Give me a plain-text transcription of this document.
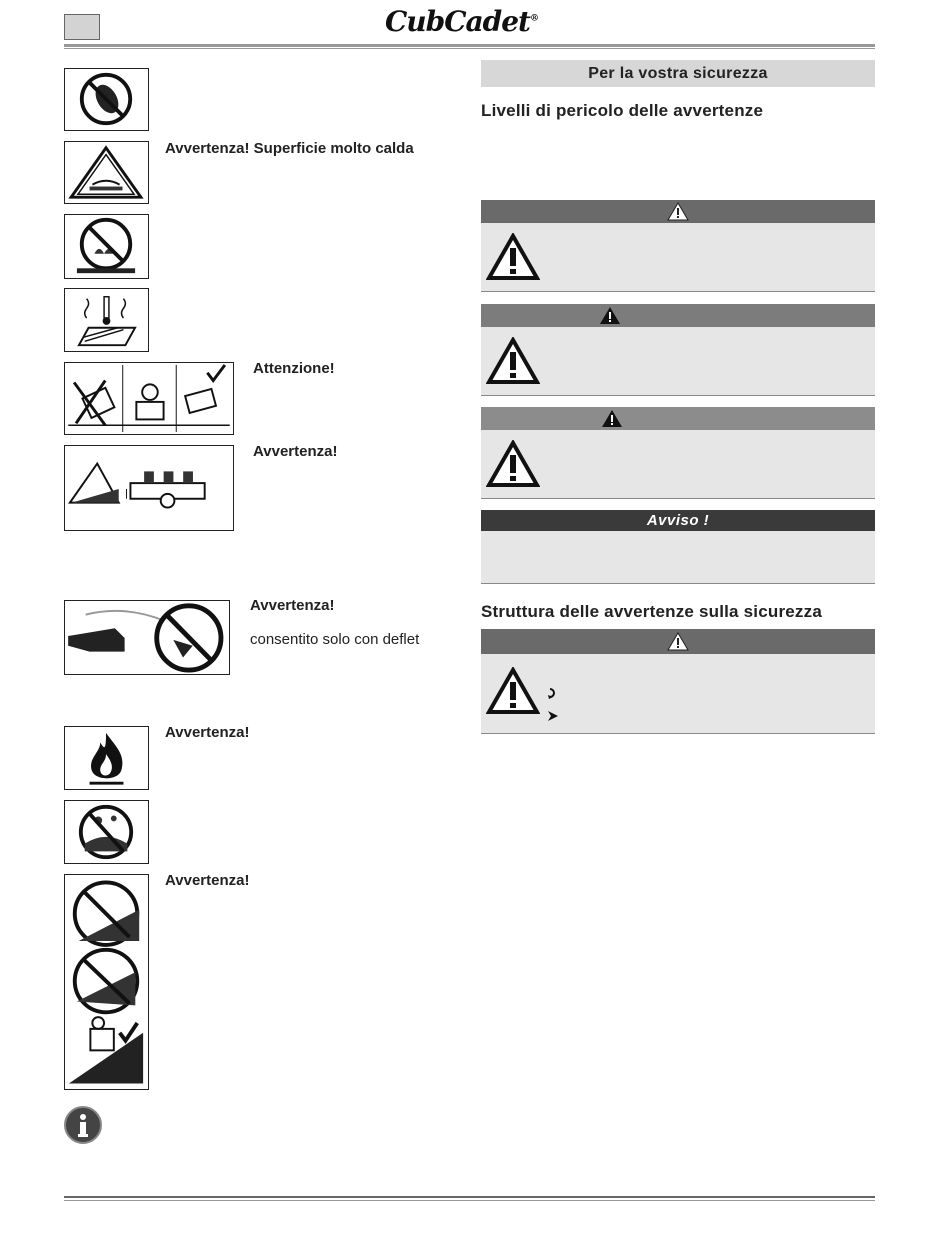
CubCadet®
Avvertenza! Superficie molto calda
Attenzione!
Avvertenza!
Avvertenza!
consentito solo con deflet
Avvertenza!
Avvertenza!
Per la vostra sicurezza
Livelli di pericolo delle avvertenze
Avviso !
Struttura delle avvertenze sulla sicurezza
